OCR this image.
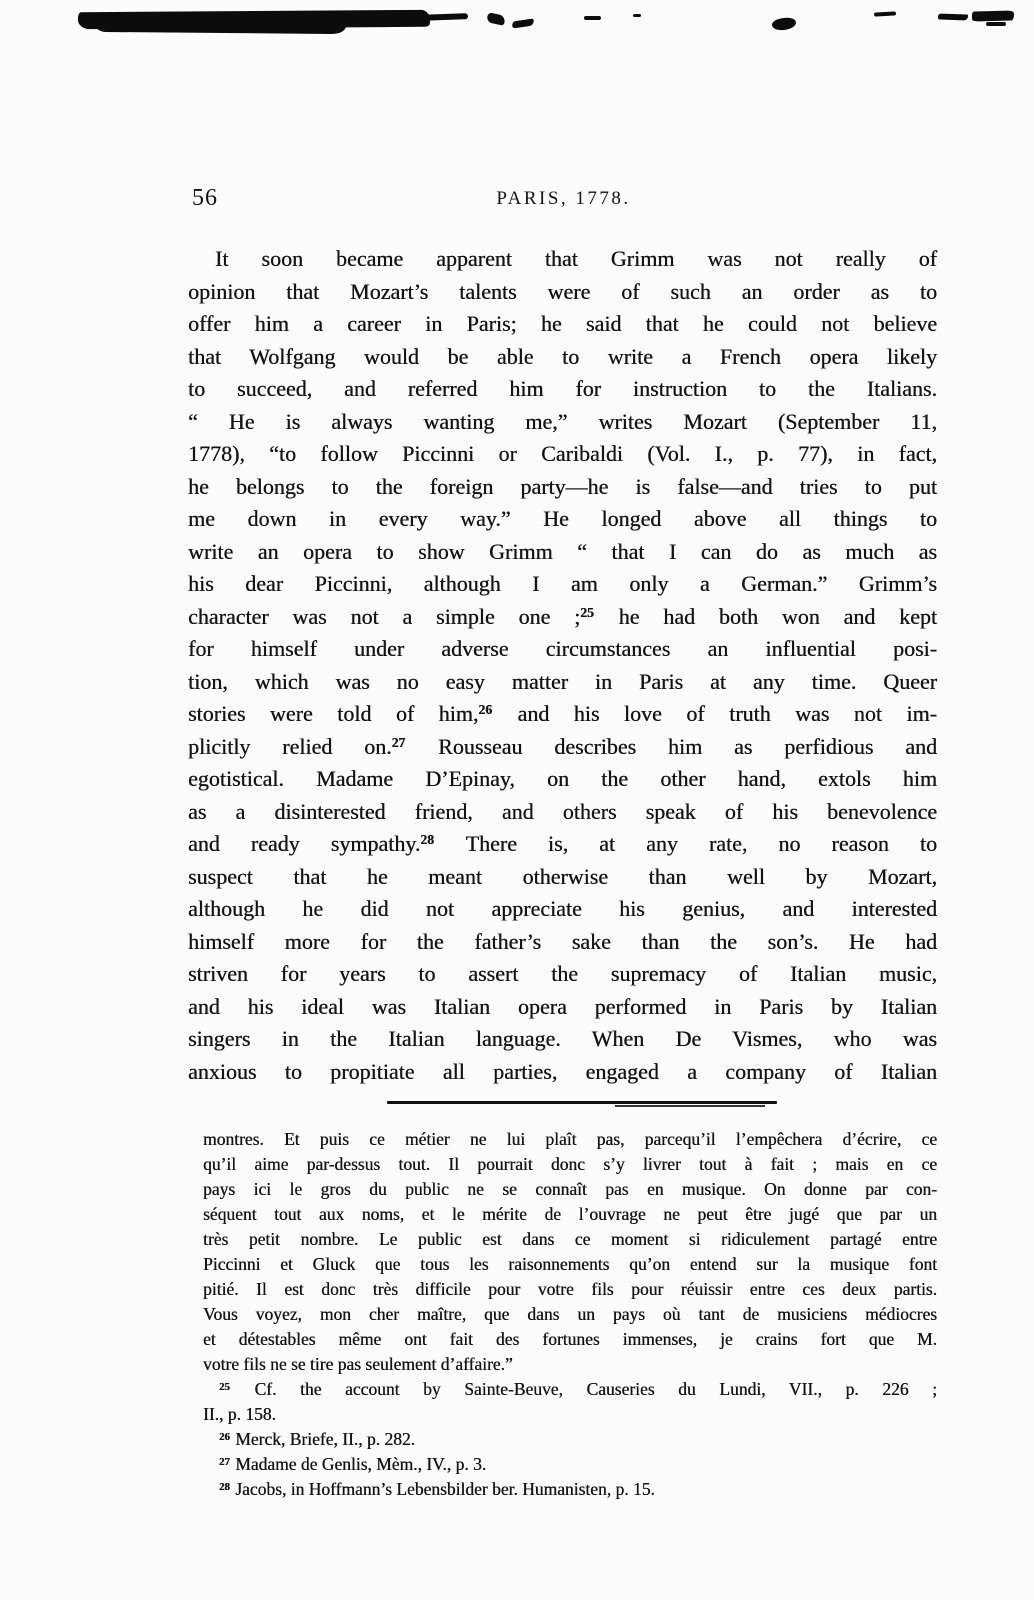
56	PARIS, 1778.
It soon became apparent that Grimm was not really of
opinion that Mozart’s talents were of such an order as to
offer him a career in Paris; he said that he could not believe
that Wolfgang would be able to write a French opera likely
to succeed, and referred him for instruction to the Italians.
“ He is always wanting me,” writes Mozart (September 11,
1778), “to follow Piccinni or Caribaldi (Vol. I., p. 77), in fact,
he belongs to the foreign party—he is false—and tries to put
me down in every way.” He longed above all things to
write an opera to show Grimm “ that I can do as much as
his dear Piccinni, although I am only a German.” Grimm’s
character was not a simple one ;$^{25}$ he had both won and kept
for himself under adverse circumstances an influential posi-
tion, which was no easy matter in Paris at any time. Queer
stories were told of him,$^{26}$ and his love of truth was not im-
plicitly relied on.$^{27}$ Rousseau describes him as perfidious and
egotistical. Madame D’Epinay, on the other hand, extols him
as a disinterested friend, and others speak of his benevolence
and ready sympathy.$^{28}$ There is, at any rate, no reason to
suspect that he meant otherwise than well by Mozart,
although he did not appreciate his genius, and interested
himself more for the father’s sake than the son’s. He had
striven for years to assert the supremacy of Italian music,
and his ideal was Italian opera performed in Paris by Italian
singers in the Italian language. When De Vismes, who was
anxious to propitiate all parties, engaged a company of Italian
montres. Et puis ce métier ne lui plaît pas, parcequ’il l’empêchera d’écrire, ce
qu’il aime par-dessus tout. Il pourrait donc s’y livrer tout à fait ; mais en ce
pays ici le gros du public ne se connaît pas en musique. On donne par con-
séquent tout aux noms, et le mérite de l’ouvrage ne peut être jugé que par un
très petit nombre. Le public est dans ce moment si ridiculement partagé entre
Piccinni et Gluck que tous les raisonnements qu’on entend sur la musique font
pitié. Il est donc très difficile pour votre fils pour réuissir entre ces deux partis.
Vous voyez, mon cher maître, que dans un pays où tant de musiciens médiocres
et détestables même ont fait des fortunes immenses, je crains fort que M.
votre fils ne se tire pas seulement d’affaire.”
$^{25}$ Cf. the account by Sainte-Beuve, Causeries du Lundi, VII., p. 226 ;
II., p. 158.
$^{26}$ Merck, Briefe, II., p. 282.
$^{27}$ Madame de Genlis, Mèm., IV., p. 3.
$^{28}$ Jacobs, in Hoffmann’s Lebensbilder ber. Humanisten, p. 15.
